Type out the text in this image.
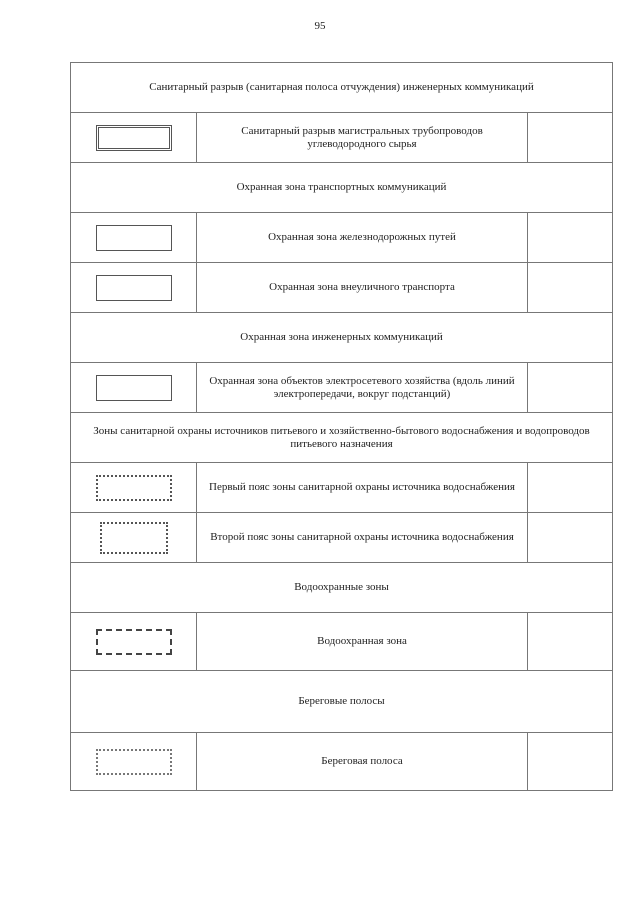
95
Санитарный разрыв (санитарная полоса отчуждения) инженерных коммуникаций		
	Санитарный разрыв магистральных трубопроводов углеводородного сырья	
Охранная зона транспортных коммуникаций		
	Охранная зона железнодорожных путей	
	Охранная зона внеуличного транспорта	
Охранная зона инженерных коммуникаций		
	Охранная зона объектов электросетевого хозяйства (вдоль линий электропередачи, вокруг подстанций)	
Зоны санитарной охраны источников питьевого и хозяйственно-бытового водоснабжения и водопроводов питьевого назначения		
	Первый пояс зоны санитарной охраны источника водоснабжения	
	Второй пояс зоны санитарной охраны источника водоснабжения	
Водоохранные зоны		
	Водоохранная зона	
Береговые полосы		
	Береговая полоса	
